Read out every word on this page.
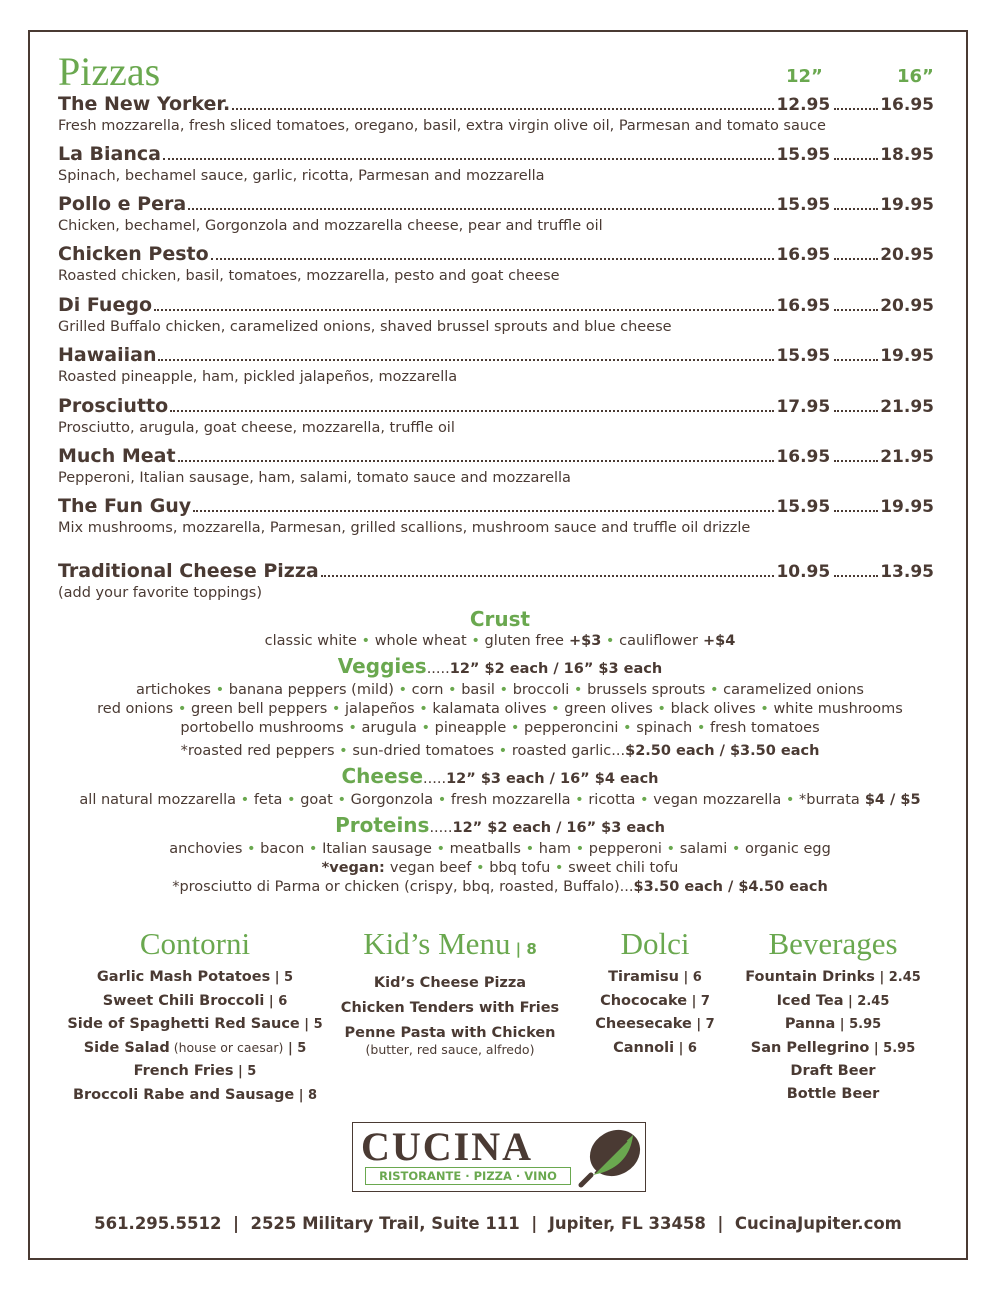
Pizzas	12”	16”
The New Yorker.	12.95	16.95
Fresh mozzarella, fresh sliced tomatoes, oregano, basil, extra virgin olive oil, Parmesan and tomato sauce
La Bianca	15.95	18.95
Spinach, bechamel sauce, garlic, ricotta, Parmesan and mozzarella
Pollo e Pera	15.95	19.95
Chicken, bechamel, Gorgonzola and mozzarella cheese, pear and truffle oil
Chicken Pesto	16.95	20.95
Roasted chicken, basil, tomatoes, mozzarella, pesto and goat cheese
Di Fuego	16.95	20.95
Grilled Buffalo chicken, caramelized onions, shaved brussel sprouts and blue cheese
Hawaiian	15.95	19.95
Roasted pineapple, ham, pickled jalapeños, mozzarella
Prosciutto	17.95	21.95
Prosciutto, arugula, goat cheese, mozzarella, truffle oil
Much Meat	16.95	21.95
Pepperoni, Italian sausage, ham, salami, tomato sauce and mozzarella
The Fun Guy	15.95	19.95
Mix mushrooms, mozzarella, Parmesan, grilled scallions, mushroom sauce and truffle oil drizzle
Traditional Cheese Pizza	10.95	13.95
(add your favorite toppings)
Crust
classic white • whole wheat • gluten free +$3 • cauliflower +$4
Veggies.....12” $2 each / 16” $3 each
artichokes • banana peppers (mild) • corn • basil • broccoli • brussels sprouts • caramelized onions
red onions • green bell peppers • jalapeños • kalamata olives • green olives • black olives • white mushrooms
portobello mushrooms • arugula • pineapple • pepperoncini • spinach • fresh tomatoes
*roasted red peppers • sun-dried tomatoes • roasted garlic...$2.50 each / $3.50 each
Cheese.....12” $3 each / 16” $4 each
all natural mozzarella • feta • goat • Gorgonzola • fresh mozzarella • ricotta • vegan mozzarella • *burrata $4 / $5
Proteins.....12” $2 each / 16” $3 each
anchovies • bacon • Italian sausage • meatballs • ham • pepperoni • salami • organic egg
*vegan: vegan beef • bbq tofu • sweet chili tofu
*prosciutto di Parma or chicken (crispy, bbq, roasted, Buffalo)...$3.50 each / $4.50 each
Contorni
Garlic Mash Potatoes | 5
Sweet Chili Broccoli | 6
Side of Spaghetti Red Sauce | 5
Side Salad (house or caesar) | 5
French Fries | 5
Broccoli Rabe and Sausage | 8
Kid’s Menu | 8
Kid’s Cheese Pizza
Chicken Tenders with Fries
Penne Pasta with Chicken
(butter, red sauce, alfredo)
Dolci
Tiramisu | 6
Chococake | 7
Cheesecake | 7
Cannoli | 6
Beverages
Fountain Drinks | 2.45
Iced Tea | 2.45
Panna | 5.95
San Pellegrino | 5.95
Draft Beer
Bottle Beer
CUCINA
RISTORANTE · PIZZA · VINO
561.295.5512  |  2525 Military Trail, Suite 111  |  Jupiter, FL 33458  |  CucinaJupiter.com
